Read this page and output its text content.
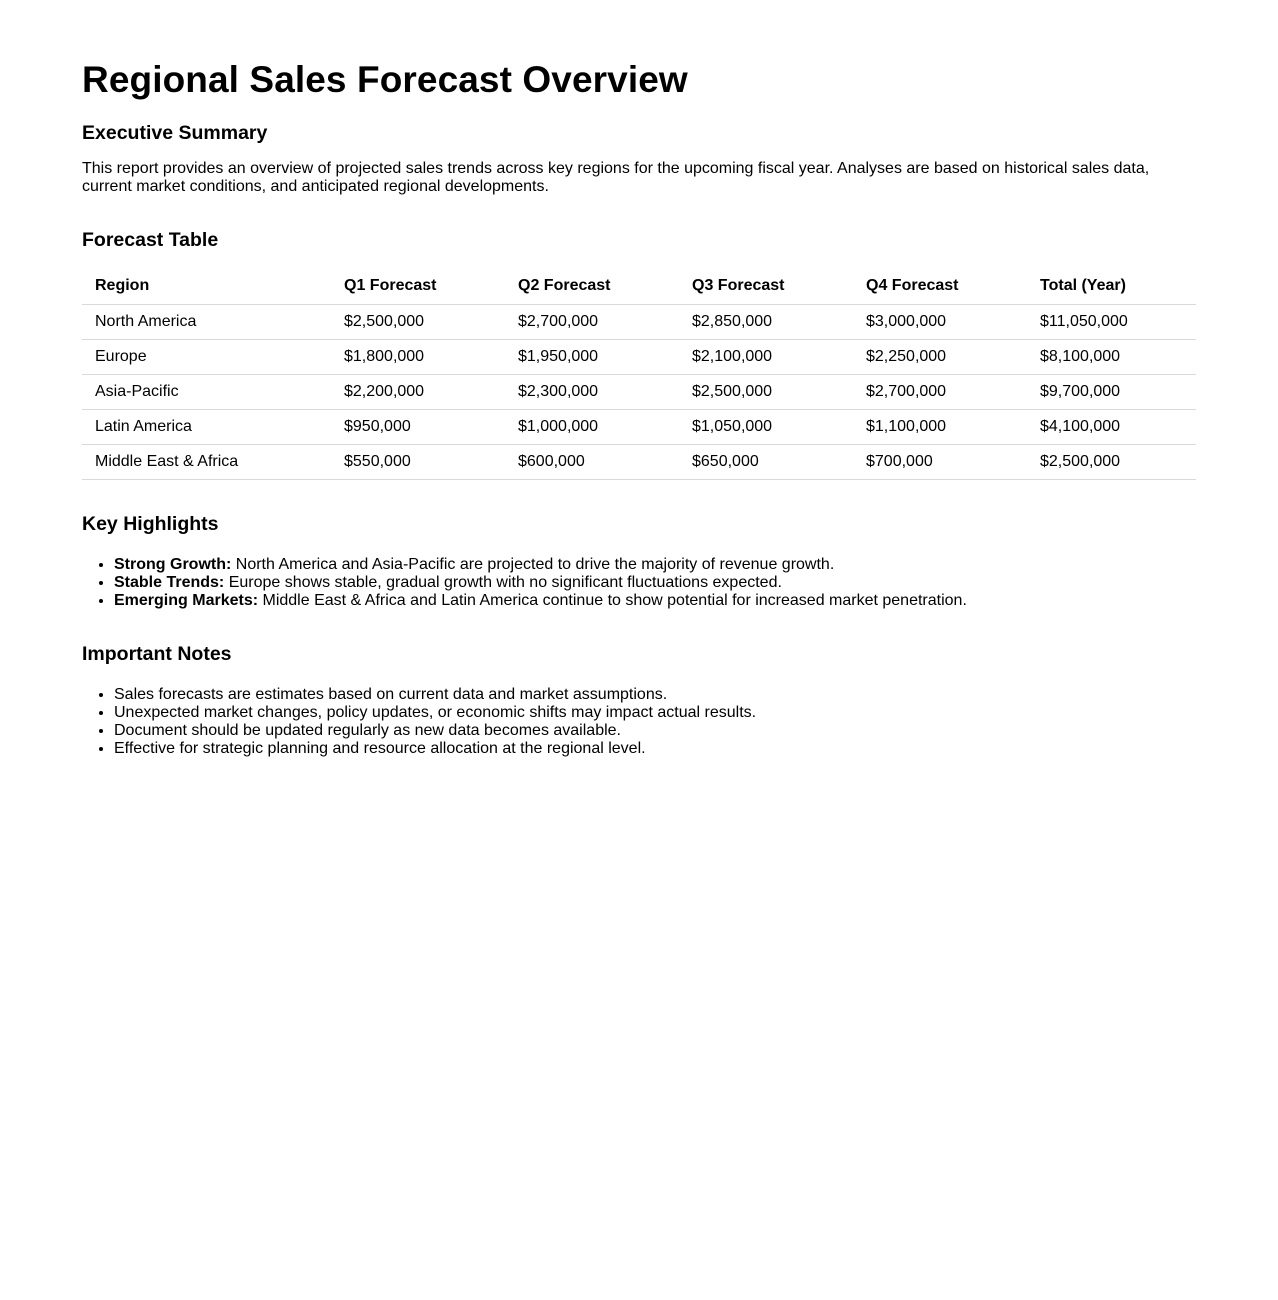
Regional Sales Forecast Overview
Executive Summary

This report provides an overview of projected sales trends across key regions for the upcoming fiscal year. Analyses are based on historical sales data, current market conditions, and anticipated regional developments.

Forecast Table
Region	Q1 Forecast	Q2 Forecast	Q3 Forecast	Q4 Forecast	Total (Year)
North America	$2,500,000	$2,700,000	$2,850,000	$3,000,000	$11,050,000
Europe	$1,800,000	$1,950,000	$2,100,000	$2,250,000	$8,100,000
Asia-Pacific	$2,200,000	$2,300,000	$2,500,000	$2,700,000	$9,700,000
Latin America	$950,000	$1,000,000	$1,050,000	$1,100,000	$4,100,000
Middle East & Africa	$550,000	$600,000	$650,000	$700,000	$2,500,000
Key Highlights
• Strong Growth: North America and Asia-Pacific are projected to drive the majority of revenue growth.
• Stable Trends: Europe shows stable, gradual growth with no significant fluctuations expected.
• Emerging Markets: Middle East & Africa and Latin America continue to show potential for increased market penetration.
Important Notes
• Sales forecasts are estimates based on current data and market assumptions.
• Unexpected market changes, policy updates, or economic shifts may impact actual results.
• Document should be updated regularly as new data becomes available.
• Effective for strategic planning and resource allocation at the regional level.
